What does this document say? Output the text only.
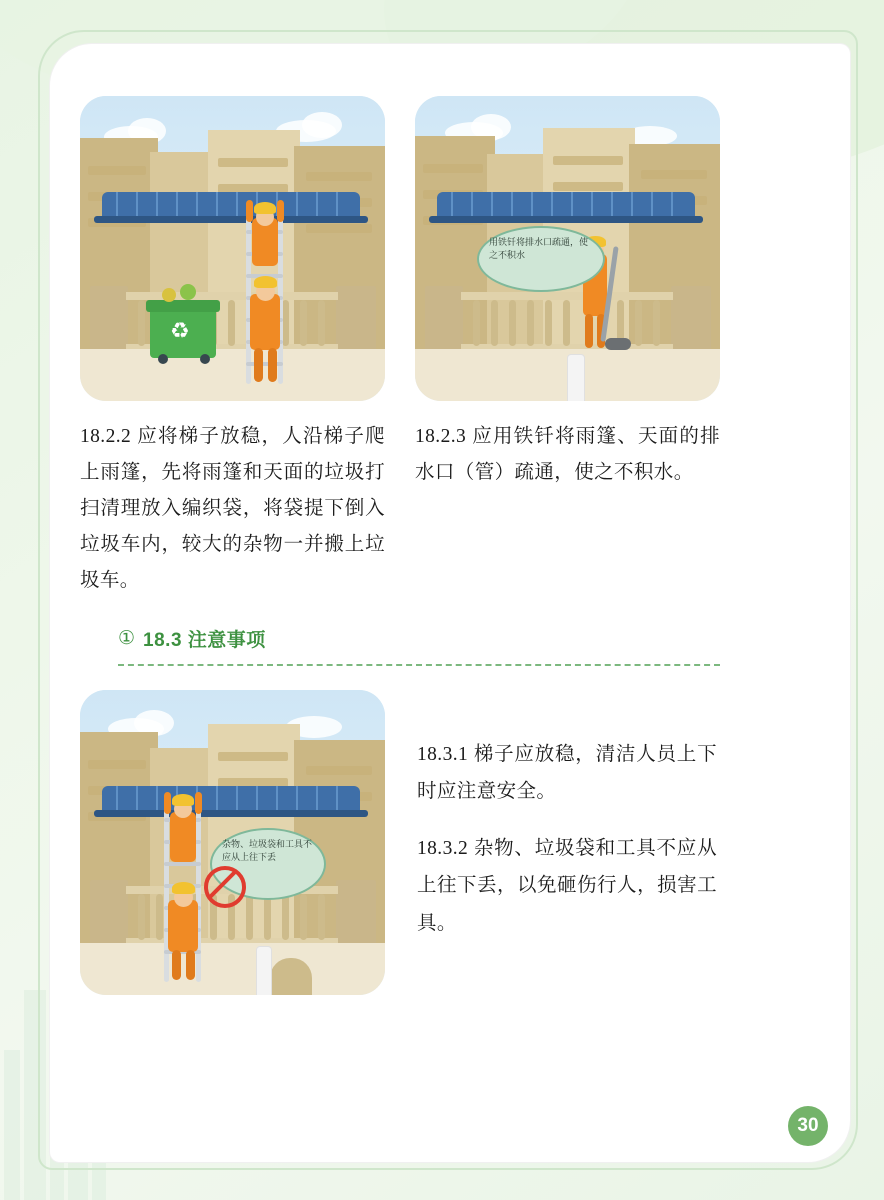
♻
用铁钎将排水口疏通，使之不积水
18.2.2 应将梯子放稳，人沿梯子爬上雨篷，先将雨篷和天面的垃圾打扫清理放入编织袋，将袋提下倒入垃圾车内，较大的杂物一并搬上垃圾车。
18.2.3 应用铁钎将雨篷、天面的排水口（管）疏通，使之不积水。
① 18.3 注意事项
杂物、垃圾袋和工具不应从上往下丢

18.3.1 梯子应放稳，清洁人员上下时应注意安全。

18.3.2 杂物、垃圾袋和工具不应从上往下丢，以免砸伤行人，损害工具。

30
